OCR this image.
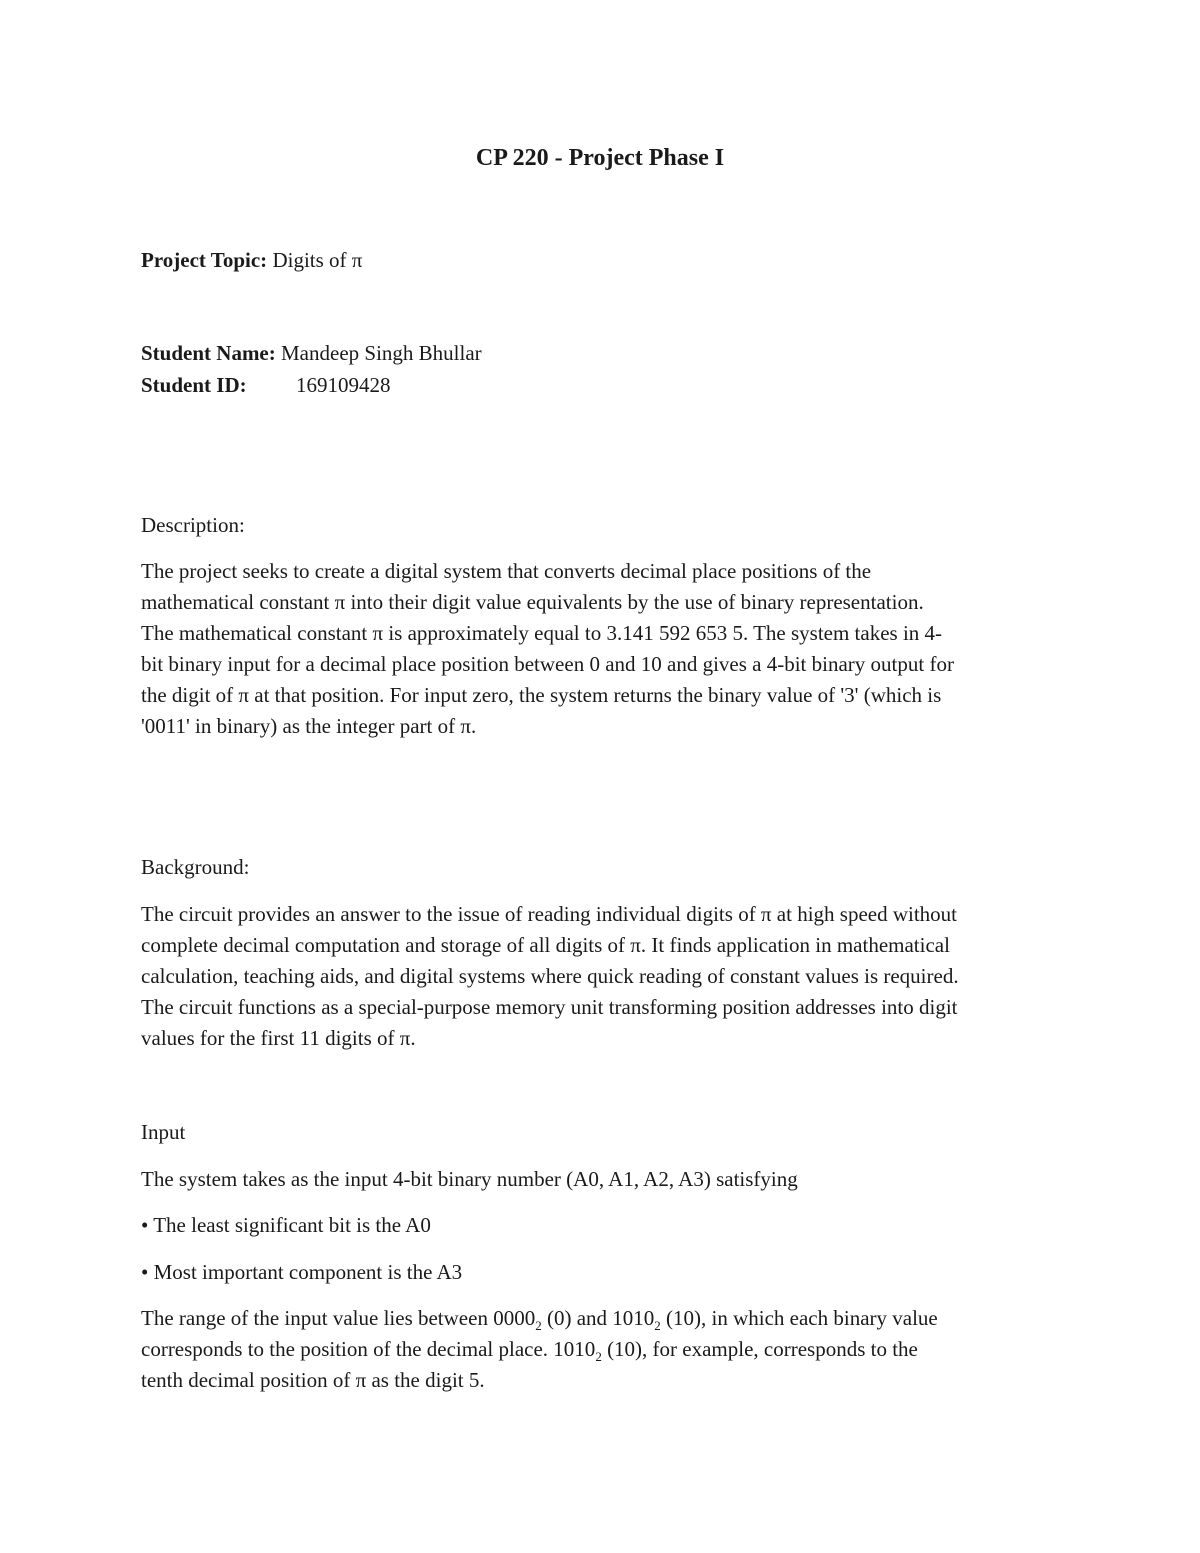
CP 220 - Project Phase I
Project Topic: Digits of π
Student Name: Mandeep Singh Bhullar
Student ID: 169109428
Description:
The project seeks to create a digital system that converts decimal place positions of the
mathematical constant π into their digit value equivalents by the use of binary representation.
The mathematical constant π is approximately equal to 3.141 592 653 5. The system takes in 4-
bit binary input for a decimal place position between 0 and 10 and gives a 4-bit binary output for
the digit of π at that position. For input zero, the system returns the binary value of '3' (which is
'0011' in binary) as the integer part of π.
Background:
The circuit provides an answer to the issue of reading individual digits of π at high speed without
complete decimal computation and storage of all digits of π. It finds application in mathematical
calculation, teaching aids, and digital systems where quick reading of constant values is required.
The circuit functions as a special-purpose memory unit transforming position addresses into digit
values for the first 11 digits of π.
Input
The system takes as the input 4-bit binary number (A0, A1, A2, A3) satisfying
• The least significant bit is the A0
• Most important component is the A3
The range of the input value lies between $0000_2$ (0) and $1010_2$ (10), in which each binary value
corresponds to the position of the decimal place. $1010_2$ (10), for example, corresponds to the
tenth decimal position of π as the digit 5.
